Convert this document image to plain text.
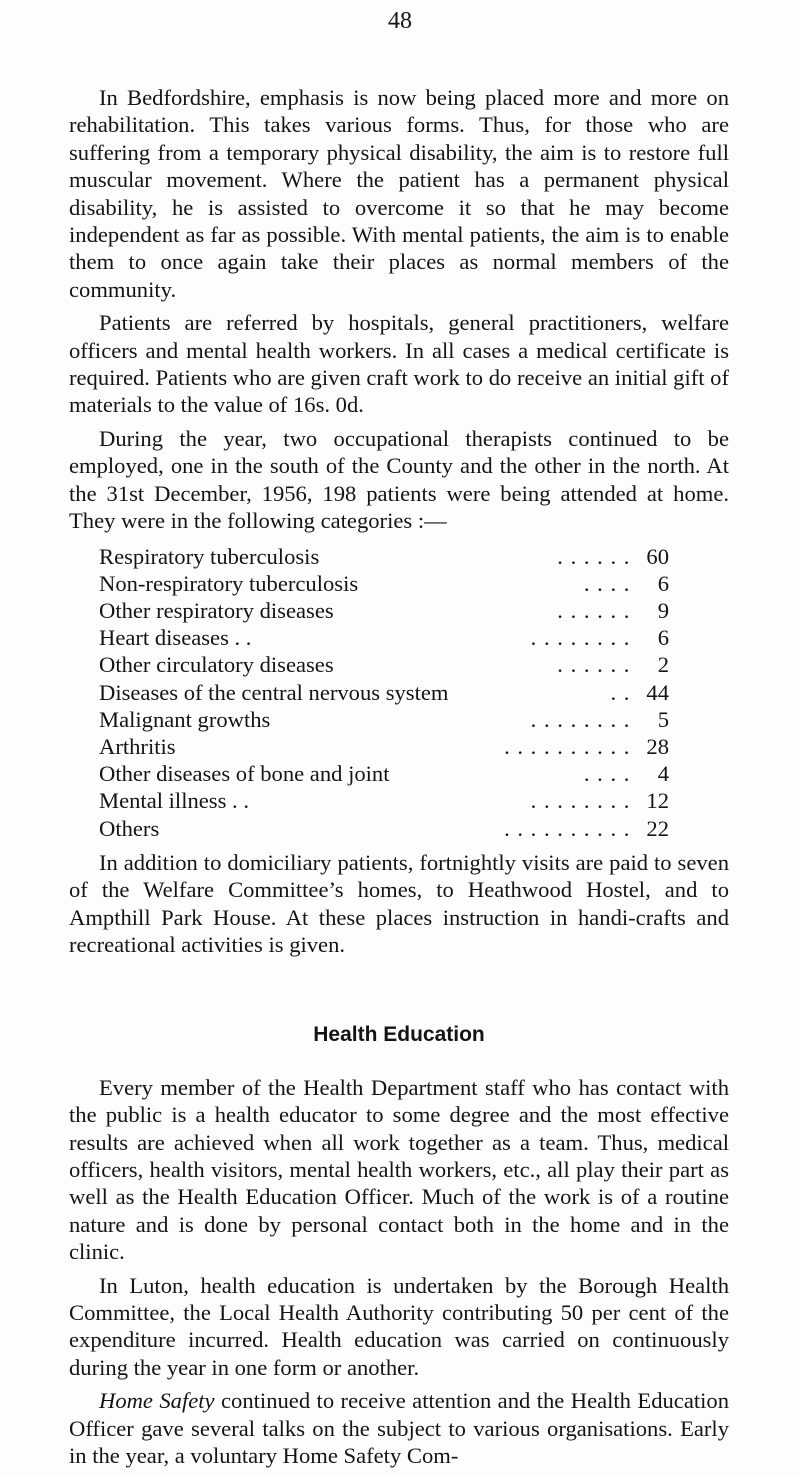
48

In Bedfordshire, emphasis is now being placed more and more on rehabilitation. This takes various forms. Thus, for those who are suffering from a temporary physical disability, the aim is to restore full muscular movement. Where the patient has a permanent physical disability, he is assisted to overcome it so that he may become independent as far as possible. With mental patients, the aim is to enable them to once again take their places as normal members of the community.

Patients are referred by hospitals, general practitioners, welfare officers and mental health workers. In all cases a medical certificate is required. Patients who are given craft work to do receive an initial gift of materials to the value of 16s. 0d.

During the year, two occupational therapists continued to be employed, one in the south of the County and the other in the north. At the 31st December, 1956, 198 patients were being attended at home. They were in the following categories :—

Respiratory tuberculosis	. . . . . .	60
Non-respiratory tuberculosis	. . . .	6
Other respiratory diseases	. . . . . .	9
Heart diseases . .	. . . . . . . .	6
Other circulatory diseases	. . . . . .	2
Diseases of the central nervous system	. .	44
Malignant growths	. . . . . . . .	5
Arthritis	. . . . . . . . . .	28
Other diseases of bone and joint	. . . .	4
Mental illness . .	. . . . . . . .	12
Others	. . . . . . . . . .	22

In addition to domiciliary patients, fortnightly visits are paid to seven of the Welfare Committee’s homes, to Heathwood Hostel, and to Ampthill Park House. At these places instruction in handi-crafts and recreational activities is given.

Health Education

Every member of the Health Department staff who has contact with the public is a health educator to some degree and the most effective results are achieved when all work together as a team. Thus, medical officers, health visitors, mental health workers, etc., all play their part as well as the Health Education Officer. Much of the work is of a routine nature and is done by personal contact both in the home and in the clinic.

In Luton, health education is undertaken by the Borough Health Committee, the Local Health Authority contributing 50 per cent of the expenditure incurred. Health education was carried on continuously during the year in one form or another.

Home Safety continued to receive attention and the Health Education Officer gave several talks on the subject to various organisations. Early in the year, a voluntary Home Safety Com-
